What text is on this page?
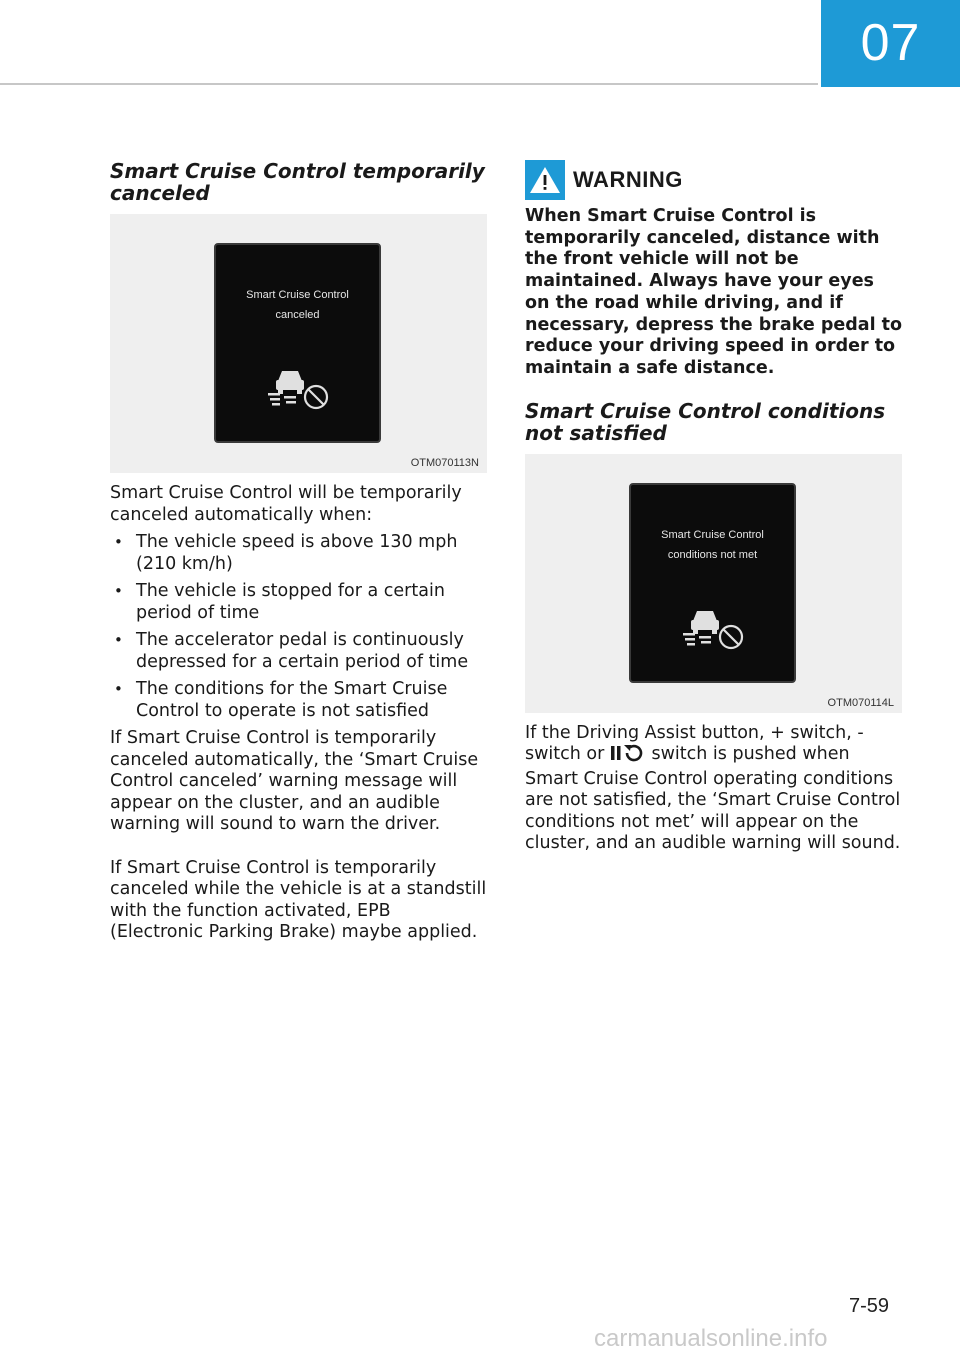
07
Smart Cruise Control temporarily canceled
Smart Cruise Control
canceled
OTM070113N

Smart Cruise Control will be temporarily canceled automatically when:

• The vehicle speed is above 130 mph (210 km/h)
• The vehicle is stopped for a certain period of time
• The accelerator pedal is continuously depressed for a certain period of time
• The conditions for the Smart Cruise Control to operate is not satisfied

If Smart Cruise Control is temporarily canceled automatically, the ‘Smart Cruise Control canceled’ warning message will appear on the cluster, and an audible warning will sound to warn the driver.

If Smart Cruise Control is temporarily canceled while the vehicle is at a standstill with the function activated, EPB (Electronic Parking Brake) maybe applied.

WARNING

When Smart Cruise Control is temporarily canceled, distance with the front vehicle will not be maintained. Always have your eyes on the road while driving, and if necessary, depress the brake pedal to reduce your driving speed in order to maintain a safe distance.

Smart Cruise Control conditions not satisfied
Smart Cruise Control
conditions not met
OTM070114L

If the Driving Assist button, + switch, - switch or	switch is pushed when Smart Cruise Control operating conditions are not satisfied, the ‘Smart Cruise Control conditions not met’ will appear on the cluster, and an audible warning will sound.

7-59
carmanualsonline.info
